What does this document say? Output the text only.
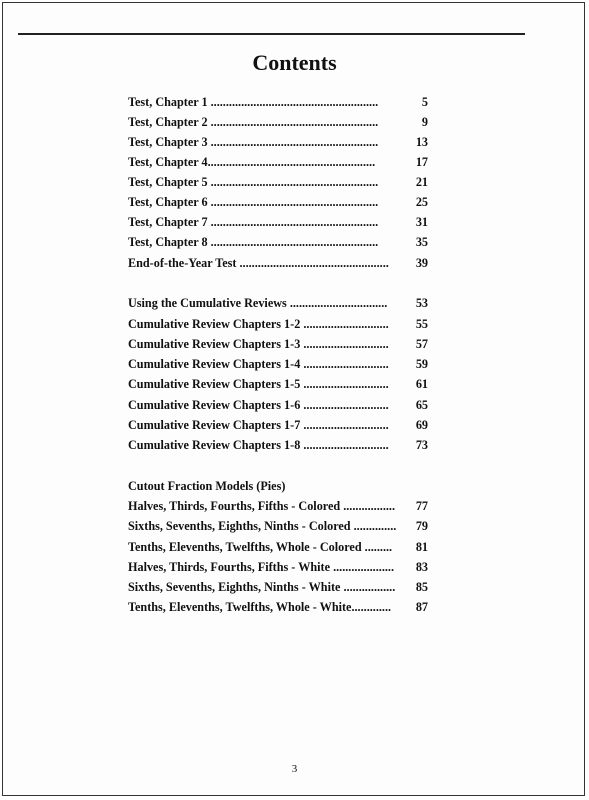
Contents
Test, Chapter 1 .......................................................	5
Test, Chapter 2 .......................................................	9
Test, Chapter 3 .......................................................	13
Test, Chapter 4.......................................................	17
Test, Chapter 5 .......................................................	21
Test, Chapter 6 .......................................................	25
Test, Chapter 7 .......................................................	31
Test, Chapter 8 .......................................................	35
End-of-the-Year Test ................................................. 39
Using the Cumulative Reviews ................................ 53
Cumulative Review Chapters 1-2 ............................ 55
Cumulative Review Chapters 1-3 ............................ 57
Cumulative Review Chapters 1-4 ............................ 59
Cumulative Review Chapters 1-5 ............................ 61
Cumulative Review Chapters 1-6 ............................ 65
Cumulative Review Chapters 1-7 ............................ 69
Cumulative Review Chapters 1-8 ............................ 73
Cutout Fraction Models (Pies)
Halves, Thirds, Fourths, Fifths - Colored ................. 77
Sixths, Sevenths, Eighths, Ninths - Colored .............. 79
Tenths, Elevenths, Twelfths, Whole - Colored ......... 81
Halves, Thirds, Fourths, Fifths - White .................... 83
Sixths, Sevenths, Eighths, Ninths - White ................. 85
Tenths, Elevenths, Twelfths, Whole - White............. 87
3
